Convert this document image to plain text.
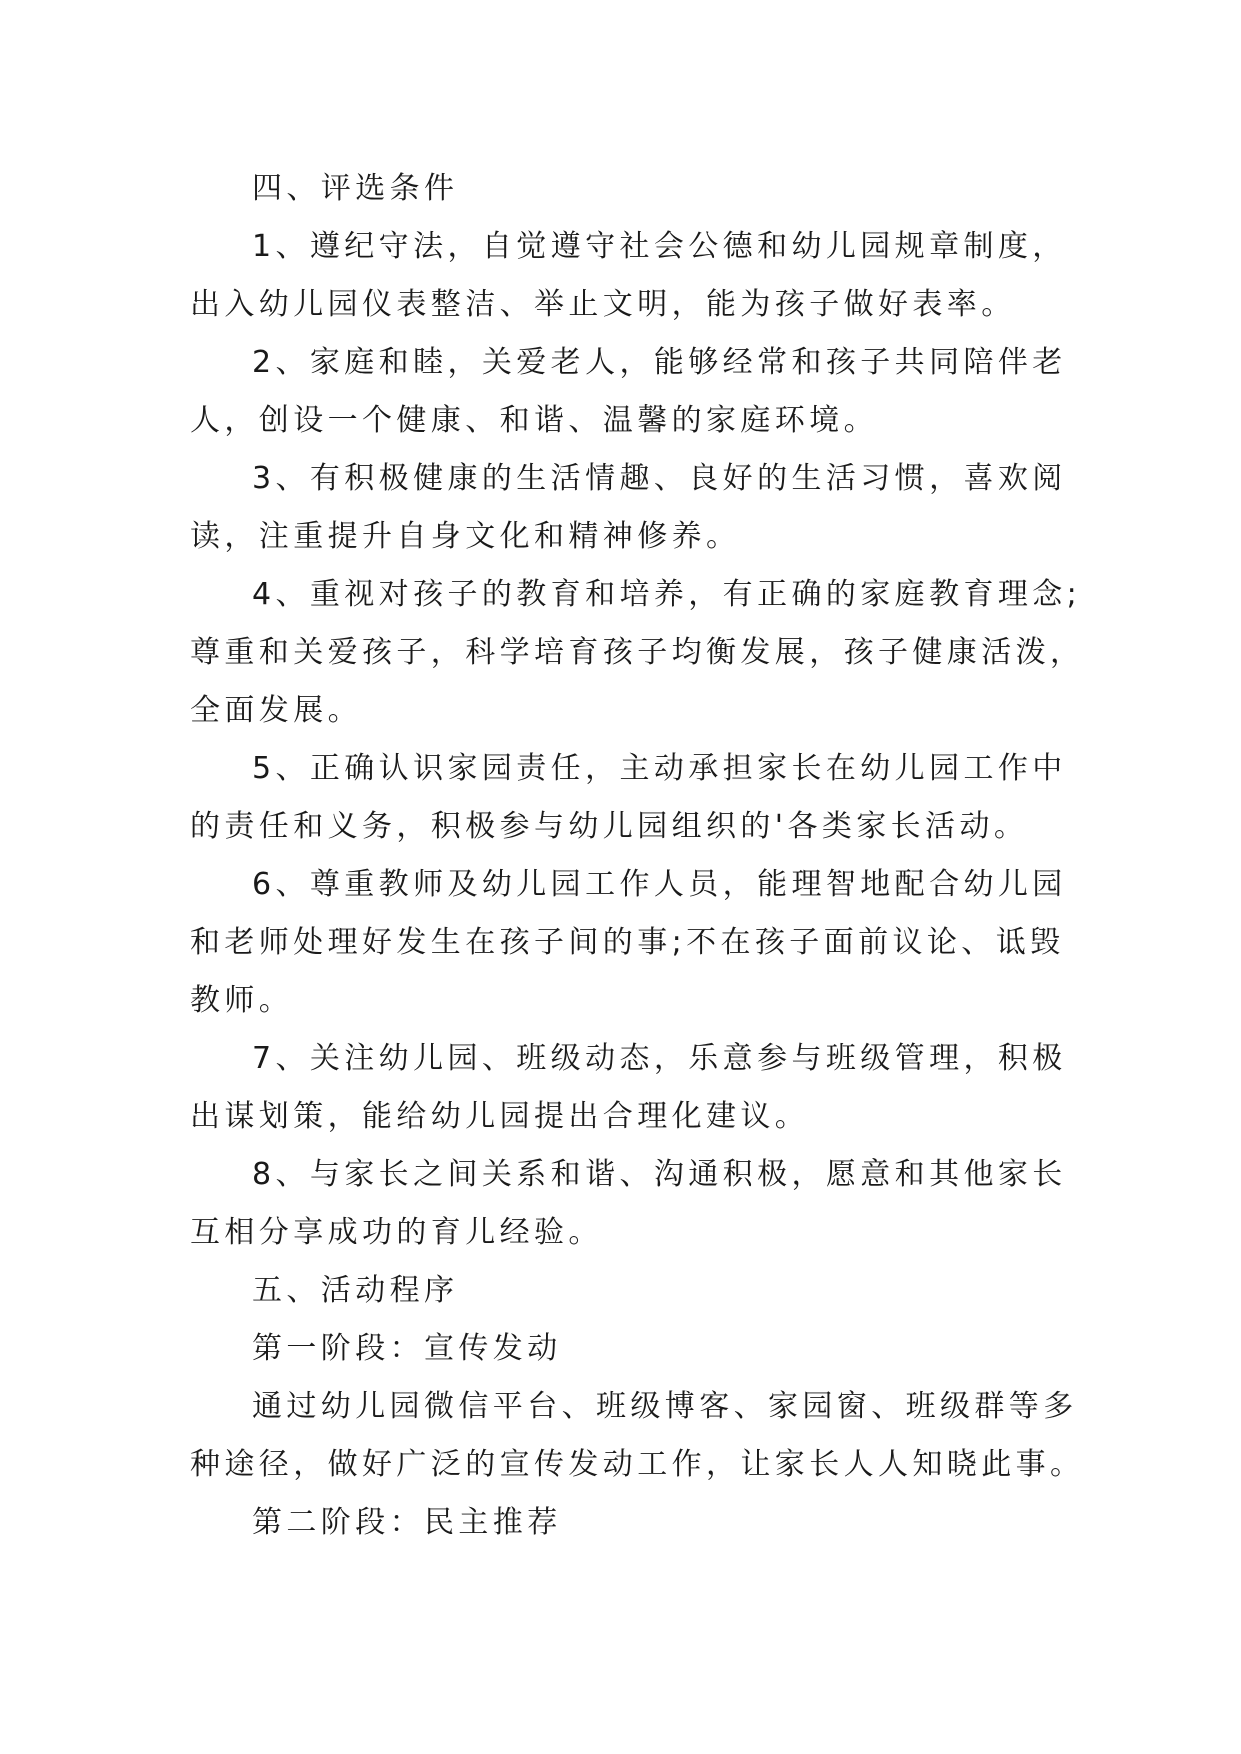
四、评选条件
1、遵纪守法，自觉遵守社会公德和幼儿园规章制度，
出入幼儿园仪表整洁、举止文明，能为孩子做好表率。
2、家庭和睦，关爱老人，能够经常和孩子共同陪伴老
人，创设一个健康、和谐、温馨的家庭环境。
3、有积极健康的生活情趣、良好的生活习惯，喜欢阅
读，注重提升自身文化和精神修养。
4、重视对孩子的教育和培养，有正确的家庭教育理念;
尊重和关爱孩子，科学培育孩子均衡发展，孩子健康活泼，
全面发展。
5、正确认识家园责任，主动承担家长在幼儿园工作中
的责任和义务，积极参与幼儿园组织的'各类家长活动。
6、尊重教师及幼儿园工作人员，能理智地配合幼儿园
和老师处理好发生在孩子间的事;不在孩子面前议论、诋毁
教师。
7、关注幼儿园、班级动态，乐意参与班级管理，积极
出谋划策，能给幼儿园提出合理化建议。
8、与家长之间关系和谐、沟通积极，愿意和其他家长
互相分享成功的育儿经验。
五、活动程序
第一阶段：宣传发动
通过幼儿园微信平台、班级博客、家园窗、班级群等多
种途径，做好广泛的宣传发动工作，让家长人人知晓此事。
第二阶段：民主推荐
